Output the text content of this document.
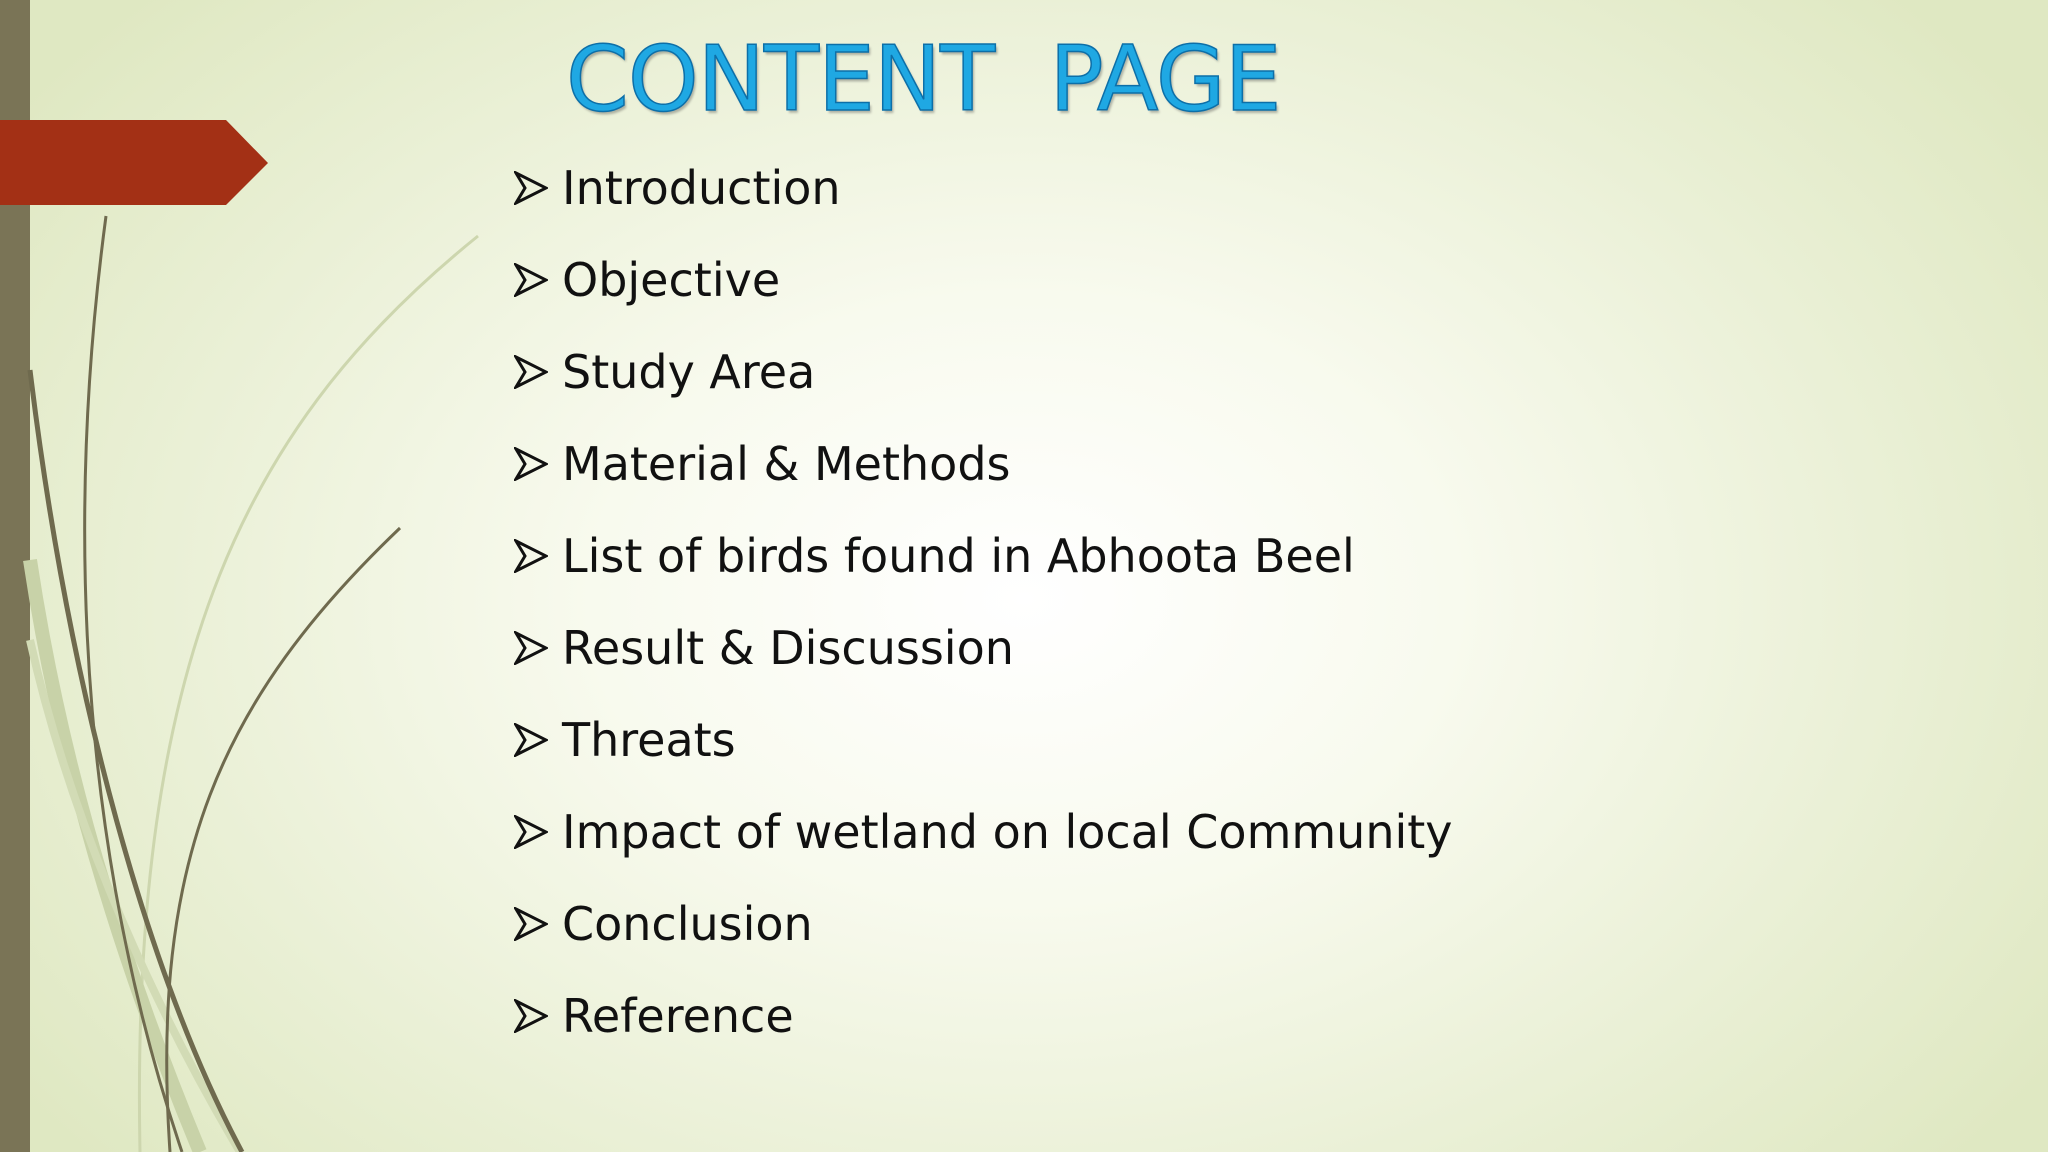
CONTENT  PAGE
Introduction
Objective
Study Area
Material & Methods
List of birds found in Abhoota Beel
Result & Discussion
Threats
Impact of wetland on local Community
Conclusion
Reference
